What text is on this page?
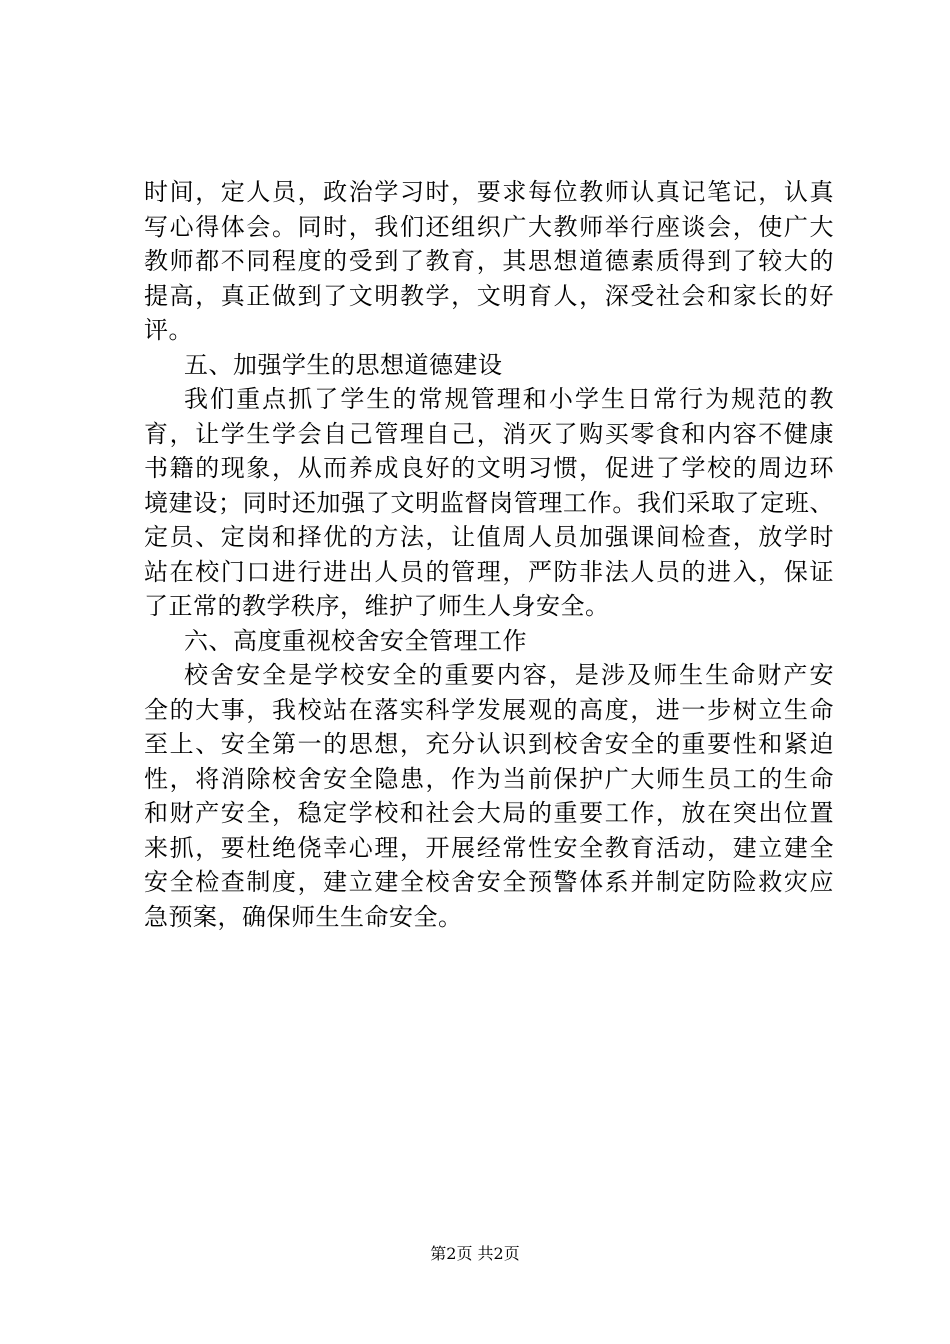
时间，定人员，政治学习时，要求每位教师认真记笔记，认真
写心得体会。同时，我们还组织广大教师举行座谈会，使广大
教师都不同程度的受到了教育，其思想道德素质得到了较大的
提高，真正做到了文明教学，文明育人，深受社会和家长的好
评。
五、加强学生的思想道德建设
我们重点抓了学生的常规管理和小学生日常行为规范的教
育，让学生学会自己管理自己，消灭了购买零食和内容不健康
书籍的现象，从而养成良好的文明习惯，促进了学校的周边环
境建设；同时还加强了文明监督岗管理工作。我们采取了定班、
定员、定岗和择优的方法，让值周人员加强课间检查，放学时
站在校门口进行进出人员的管理，严防非法人员的进入，保证
了正常的教学秩序，维护了师生人身安全。
六、高度重视校舍安全管理工作
校舍安全是学校安全的重要内容，是涉及师生生命财产安
全的大事，我校站在落实科学发展观的高度，进一步树立生命
至上、安全第一的思想，充分认识到校舍安全的重要性和紧迫
性，将消除校舍安全隐患，作为当前保护广大师生员工的生命
和财产安全，稳定学校和社会大局的重要工作，放在突出位置
来抓，要杜绝侥幸心理，开展经常性安全教育活动，建立建全
安全检查制度，建立建全校舍安全预警体系并制定防险救灾应
急预案，确保师生生命安全。
第2页 共2页
